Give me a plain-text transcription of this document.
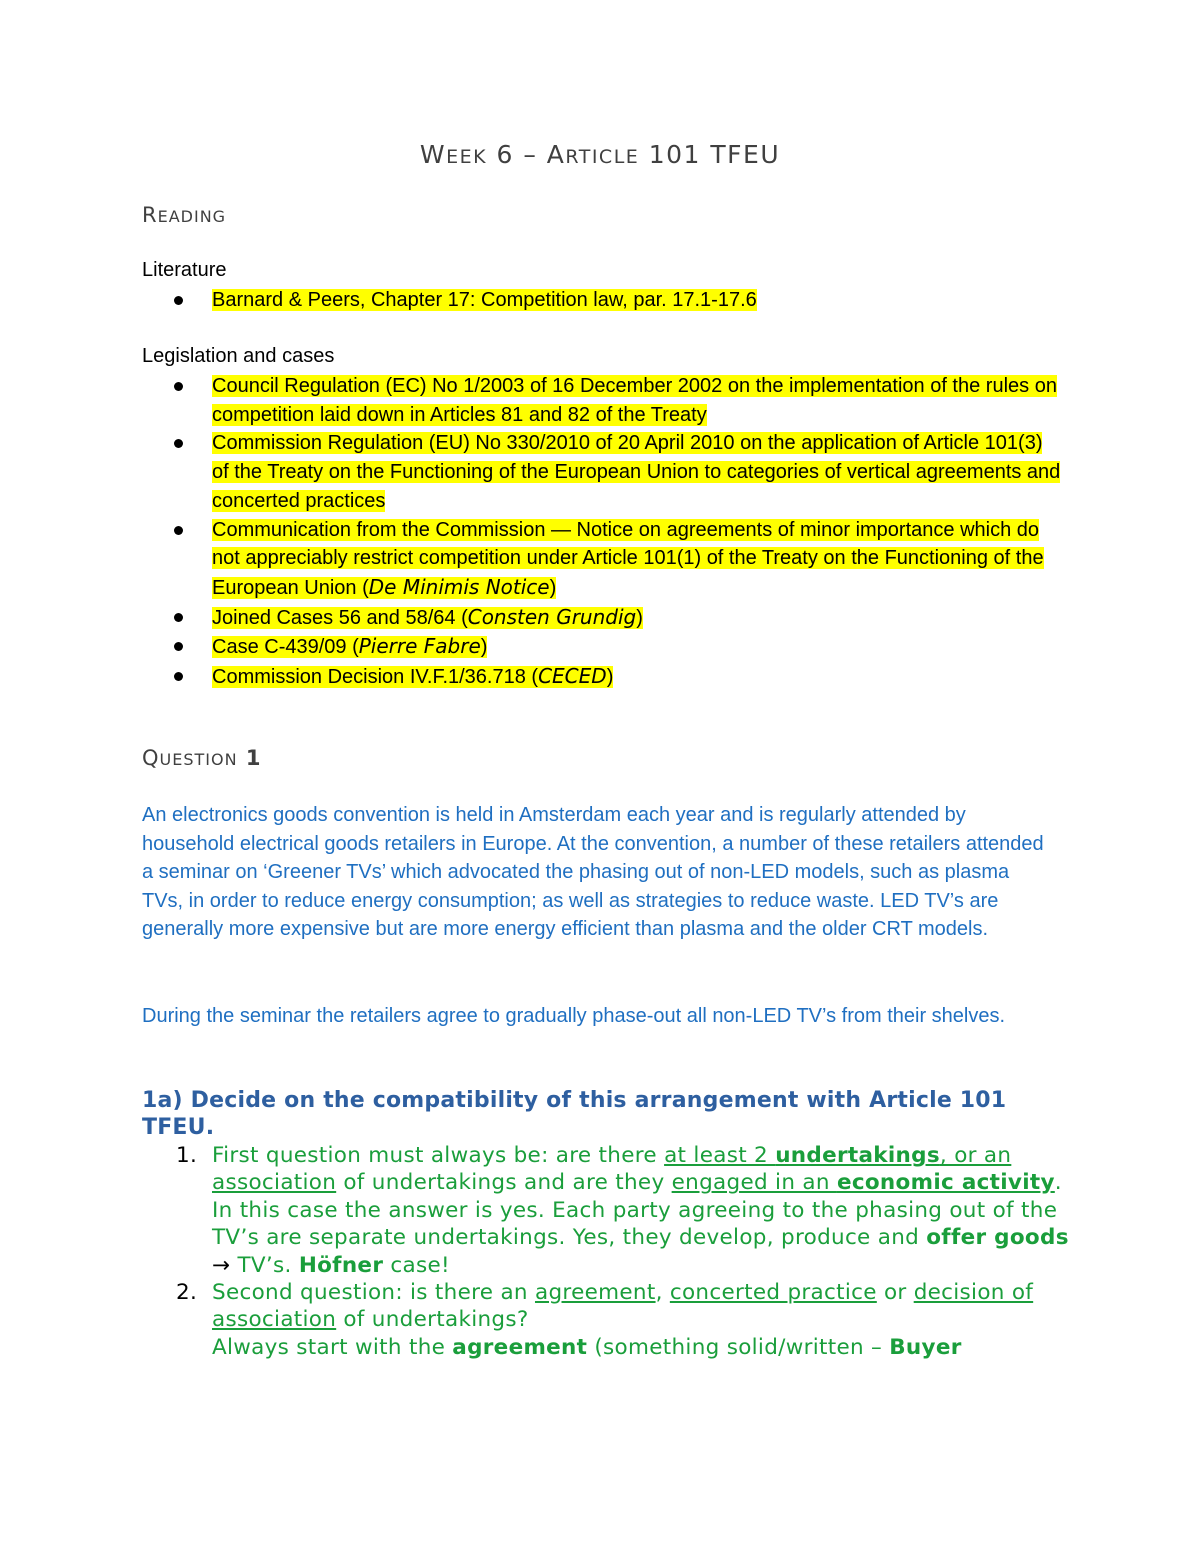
WEEK 6 – ARTICLE 101 TFEU
READING
Literature
Barnard & Peers, Chapter 17: Competition law, par. 17.1-17.6
Legislation and cases
Council Regulation (EC) No 1/2003 of 16 December 2002 on the implementation of the rules on competition laid down in Articles 81 and 82 of the Treaty
Commission Regulation (EU) No 330/2010 of 20 April 2010 on the application of Article 101(3) of the Treaty on the Functioning of the European Union to categories of vertical agreements and concerted practices
Communication from the Commission — Notice on agreements of minor importance which do not appreciably restrict competition under Article 101(1) of the Treaty on the Functioning of the European Union (De Minimis Notice)
Joined Cases 56 and 58/64 (Consten Grundig)
Case C-439/09 (Pierre Fabre)
Commission Decision IV.F.1/36.718 (CECED)
QUESTION 1

An electronics goods convention is held in Amsterdam each year and is regularly attended by household electrical goods retailers in Europe. At the convention, a number of these retailers attended a seminar on ‘Greener TVs’ which advocated the phasing out of non-LED models, such as plasma TVs, in order to reduce energy consumption; as well as strategies to reduce waste. LED TV’s are generally more expensive but are more energy efficient than plasma and the older CRT models.

During the seminar the retailers agree to gradually phase-out all non-LED TV’s from their shelves.

1a) Decide on the compatibility of this arrangement with Article 101 TFEU.

1. First question must always be: are there at least 2 undertakings, or an association of undertakings and are they engaged in an economic activity.
In this case the answer is yes. Each party agreeing to the phasing out of the TV’s are separate undertakings. Yes, they develop, produce and offer goods → TV’s. Höfner case!
2. Second question: is there an agreement, concerted practice or decision of association of undertakings?
Always start with the agreement (something solid/written – Buyer
